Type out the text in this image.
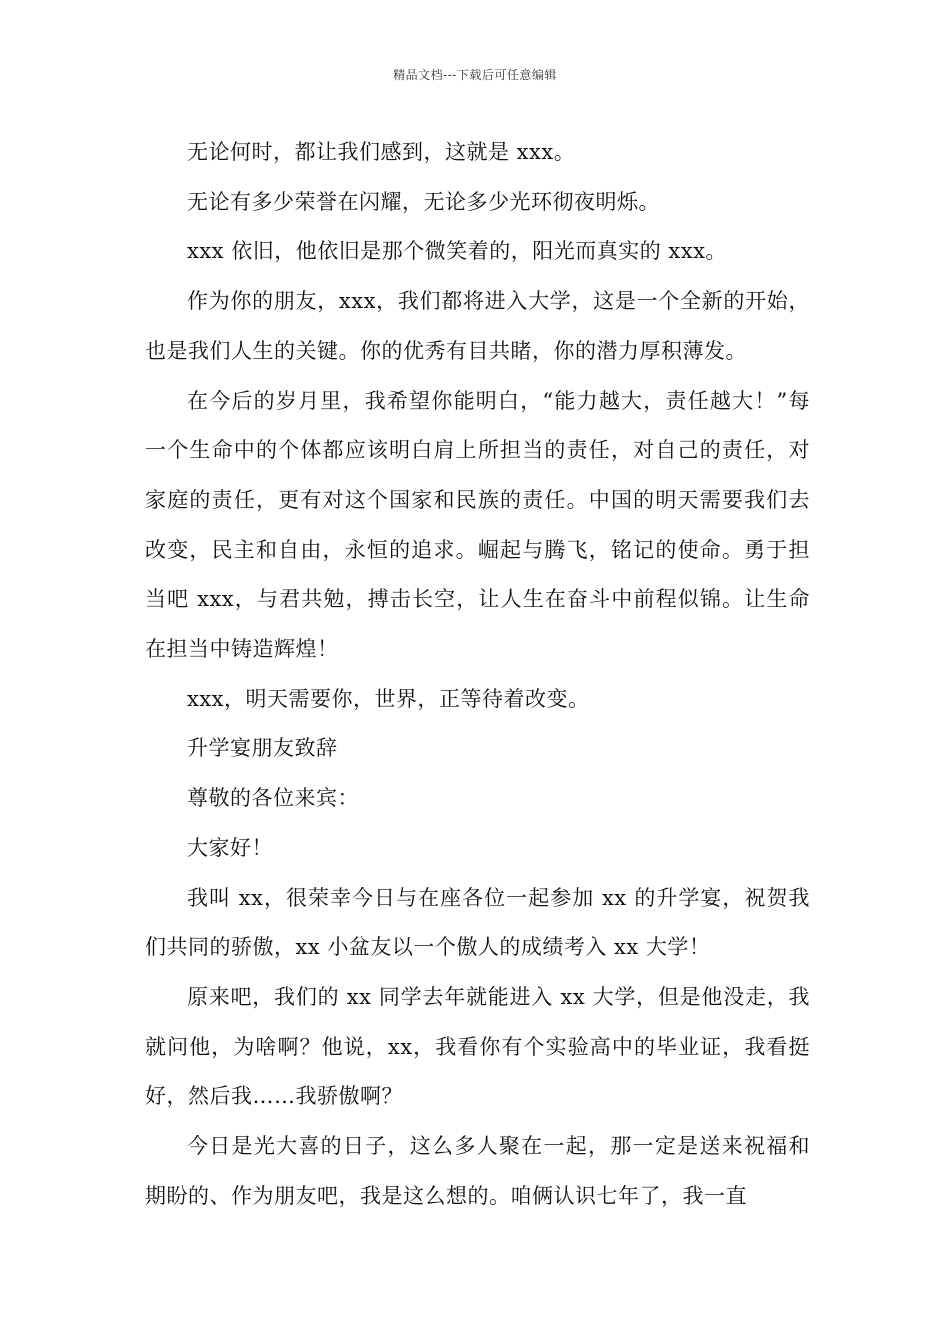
精品文档---下载后可任意编辑

无论何时，都让我们感到，这就是 xxx。

无论有多少荣誉在闪耀，无论多少光环彻夜明烁。

xxx 依旧，他依旧是那个微笑着的，阳光而真实的 xxx。

作为你的朋友，xxx，我们都将进入大学，这是一个全新的开始，也是我们人生的关键。你的优秀有目共睹，你的潜力厚积薄发。

在今后的岁月里，我希望你能明白，“能力越大，责任越大！”每一个生命中的个体都应该明白肩上所担当的责任，对自己的责任，对家庭的责任，更有对这个国家和民族的责任。中国的明天需要我们去改变，民主和自由，永恒的追求。崛起与腾飞，铭记的使命。勇于担当吧 xxx，与君共勉，搏击长空，让人生在奋斗中前程似锦。让生命在担当中铸造辉煌！

xxx，明天需要你，世界，正等待着改变。

升学宴朋友致辞

尊敬的各位来宾：

大家好！

我叫 xx，很荣幸今日与在座各位一起参加 xx 的升学宴，祝贺我们共同的骄傲，xx 小盆友以一个傲人的成绩考入 xx 大学！

原来吧，我们的 xx 同学去年就能进入 xx 大学，但是他没走，我就问他，为啥啊？他说，xx，我看你有个实验高中的毕业证，我看挺好，然后我……我骄傲啊？

今日是光大喜的日子，这么多人聚在一起，那一定是送来祝福和期盼的、作为朋友吧，我是这么想的。咱俩认识七年了，我一直
